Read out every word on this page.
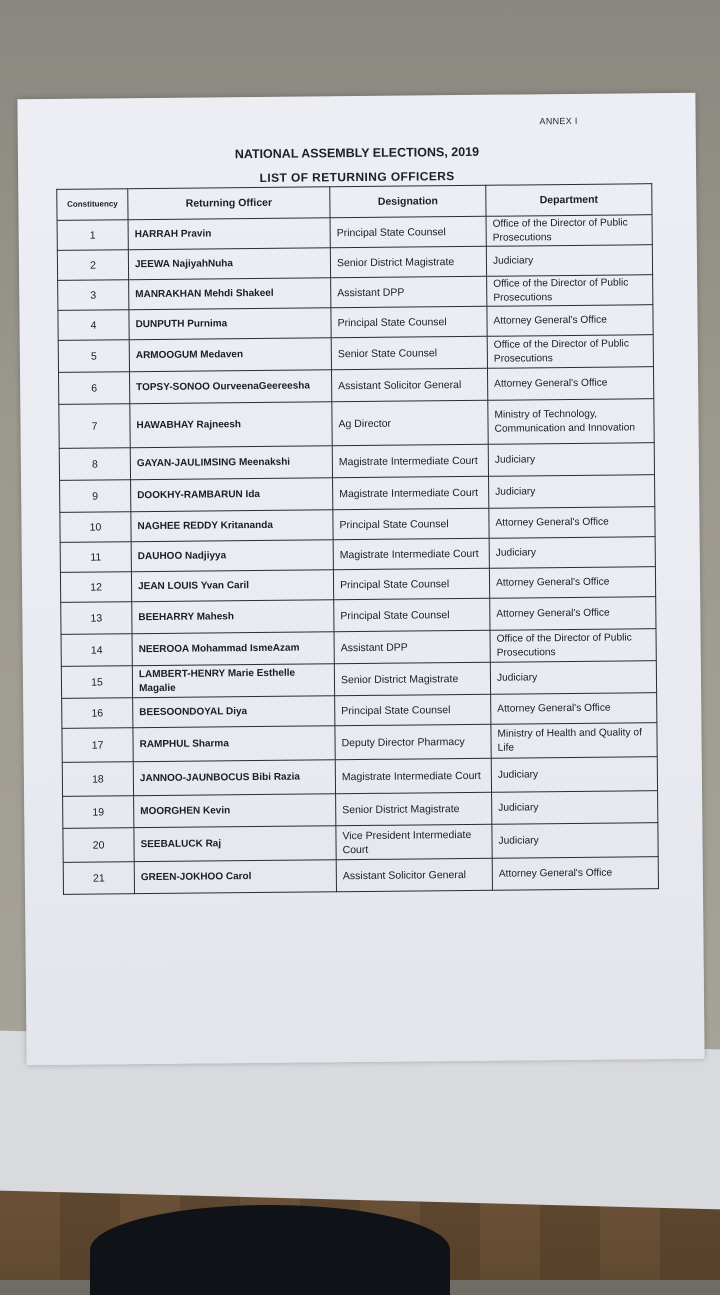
ANNEX I
NATIONAL ASSEMBLY ELECTIONS, 2019
LIST OF RETURNING OFFICERS
Constituency	Returning Officer	Designation	Department
1	HARRAH Pravin	Principal State Counsel	Office of the Director of Public Prosecutions
2	JEEWA NajiyahNuha	Senior District Magistrate	Judiciary
3	MANRAKHAN Mehdi Shakeel	Assistant DPP	Office of the Director of Public Prosecutions
4	DUNPUTH Purnima	Principal State Counsel	Attorney General's Office
5	ARMOOGUM Medaven	Senior State Counsel	Office of the Director of Public Prosecutions
6	TOPSY-SONOO OurveenaGeereesha	Assistant Solicitor General	Attorney General's Office
7	HAWABHAY Rajneesh	Ag Director	Ministry of Technology, Communication and Innovation
8	GAYAN-JAULIMSING Meenakshi	Magistrate Intermediate Court	Judiciary
9	DOOKHY-RAMBARUN Ida	Magistrate Intermediate Court	Judiciary
10	NAGHEE REDDY Kritananda	Principal State Counsel	Attorney General's Office
11	DAUHOO Nadjiyya	Magistrate Intermediate Court	Judiciary
12	JEAN LOUIS Yvan Caril	Principal State Counsel	Attorney General's Office
13	BEEHARRY Mahesh	Principal State Counsel	Attorney General's Office
14	NEEROOA Mohammad IsmeAzam	Assistant DPP	Office of the Director of Public Prosecutions
15	LAMBERT-HENRY Marie Esthelle Magalie	Senior District Magistrate	Judiciary
16	BEESOONDOYAL Diya	Principal State Counsel	Attorney General's Office
17	RAMPHUL Sharma	Deputy Director Pharmacy	Ministry of Health and Quality of Life
18	JANNOO-JAUNBOCUS Bibi Razia	Magistrate Intermediate Court	Judiciary
19	MOORGHEN Kevin	Senior District Magistrate	Judiciary
20	SEEBALUCK Raj	Vice President Intermediate Court	Judiciary
21	GREEN-JOKHOO Carol	Assistant Solicitor General	Attorney General's Office
